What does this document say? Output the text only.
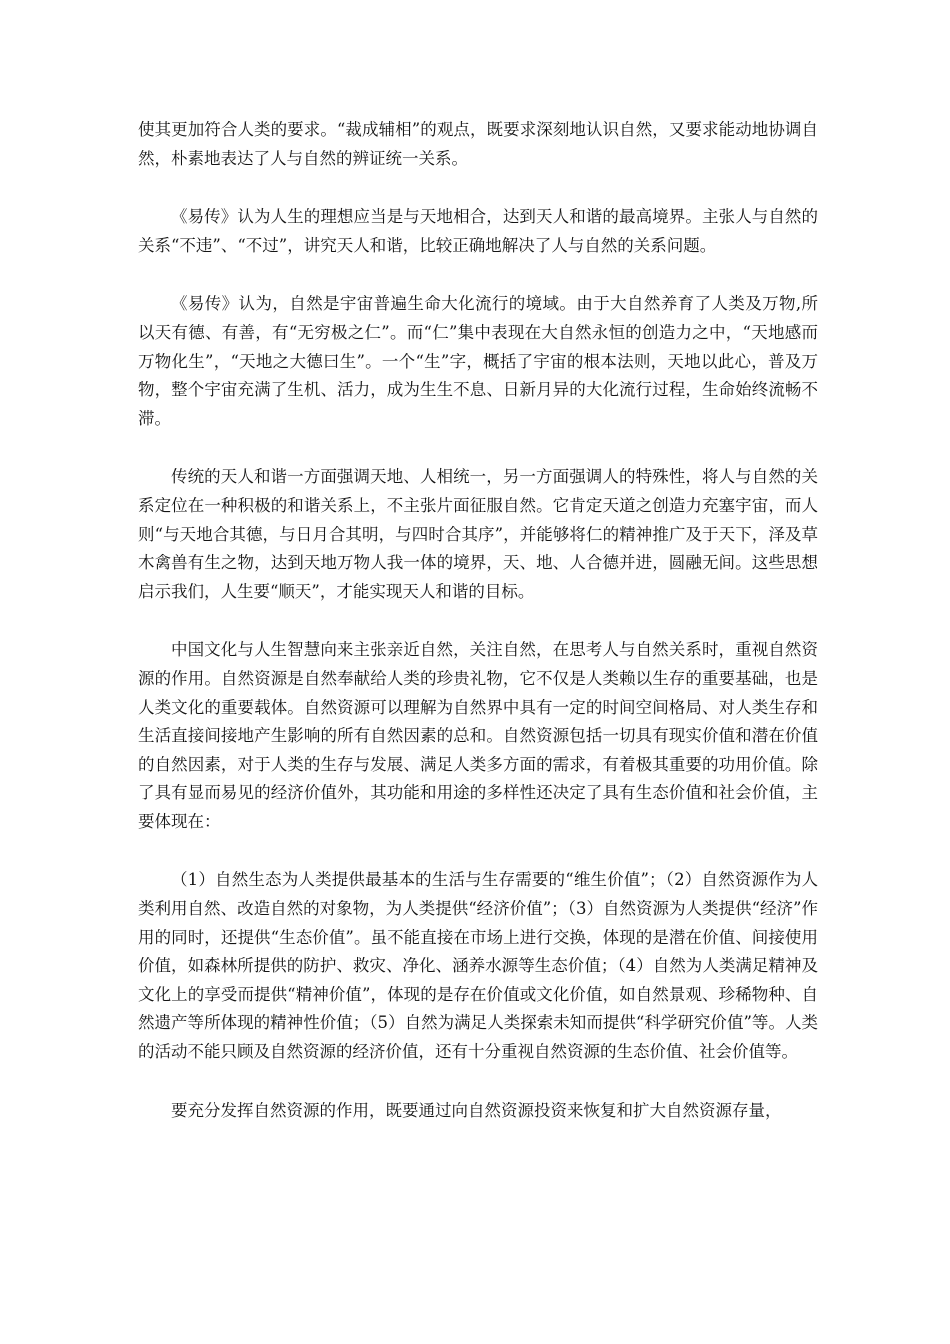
使其更加符合人类的要求。“裁成辅相”的观点，既要求深刻地认识自然，又要求能动地协调自然，朴素地表达了人与自然的辨证统一关系。

《易传》认为人生的理想应当是与天地相合，达到天人和谐的最高境界。主张人与自然的关系“不违”、“不过”，讲究天人和谐，比较正确地解决了人与自然的关系问题。

《易传》认为，自然是宇宙普遍生命大化流行的境域。由于大自然养育了人类及万物,所以天有德、有善，有“无穷极之仁”。而“仁”集中表现在大自然永恒的创造力之中，“天地感而万物化生”，“天地之大德曰生”。一个“生”字，概括了宇宙的根本法则，天地以此心，普及万物，整个宇宙充满了生机、活力，成为生生不息、日新月异的大化流行过程，生命始终流畅不滞。

传统的天人和谐一方面强调天地、人相统一，另一方面强调人的特殊性，将人与自然的关系定位在一种积极的和谐关系上，不主张片面征服自然。它肯定天道之创造力充塞宇宙，而人则“与天地合其德，与日月合其明，与四时合其序”，并能够将仁的精神推广及于天下，泽及草木禽兽有生之物，达到天地万物人我一体的境界，天、地、人合德并进，圆融无间。这些思想启示我们，人生要“顺天”，才能实现天人和谐的目标。

中国文化与人生智慧向来主张亲近自然，关注自然，在思考人与自然关系时，重视自然资源的作用。自然资源是自然奉献给人类的珍贵礼物，它不仅是人类赖以生存的重要基础，也是人类文化的重要载体。自然资源可以理解为自然界中具有一定的时间空间格局、对人类生存和生活直接间接地产生影响的所有自然因素的总和。自然资源包括一切具有现实价值和潜在价值的自然因素，对于人类的生存与发展、满足人类多方面的需求，有着极其重要的功用价值。除了具有显而易见的经济价值外，其功能和用途的多样性还决定了具有生态价值和社会价值，主要体现在：

（1）自然生态为人类提供最基本的生活与生存需要的“维生价值”；（2）自然资源作为人类利用自然、改造自然的对象物，为人类提供“经济价值”；（3）自然资源为人类提供“经济”作用的同时，还提供“生态价值”。虽不能直接在市场上进行交换，体现的是潜在价值、间接使用价值，如森林所提供的防护、救灾、净化、涵养水源等生态价值；（4）自然为人类满足精神及文化上的享受而提供“精神价值”，体现的是存在价值或文化价值，如自然景观、珍稀物种、自然遗产等所体现的精神性价值；（5）自然为满足人类探索未知而提供“科学研究价值”等。人类的活动不能只顾及自然资源的经济价值，还有十分重视自然资源的生态价值、社会价值等。

要充分发挥自然资源的作用，既要通过向自然资源投资来恢复和扩大自然资源存量，
